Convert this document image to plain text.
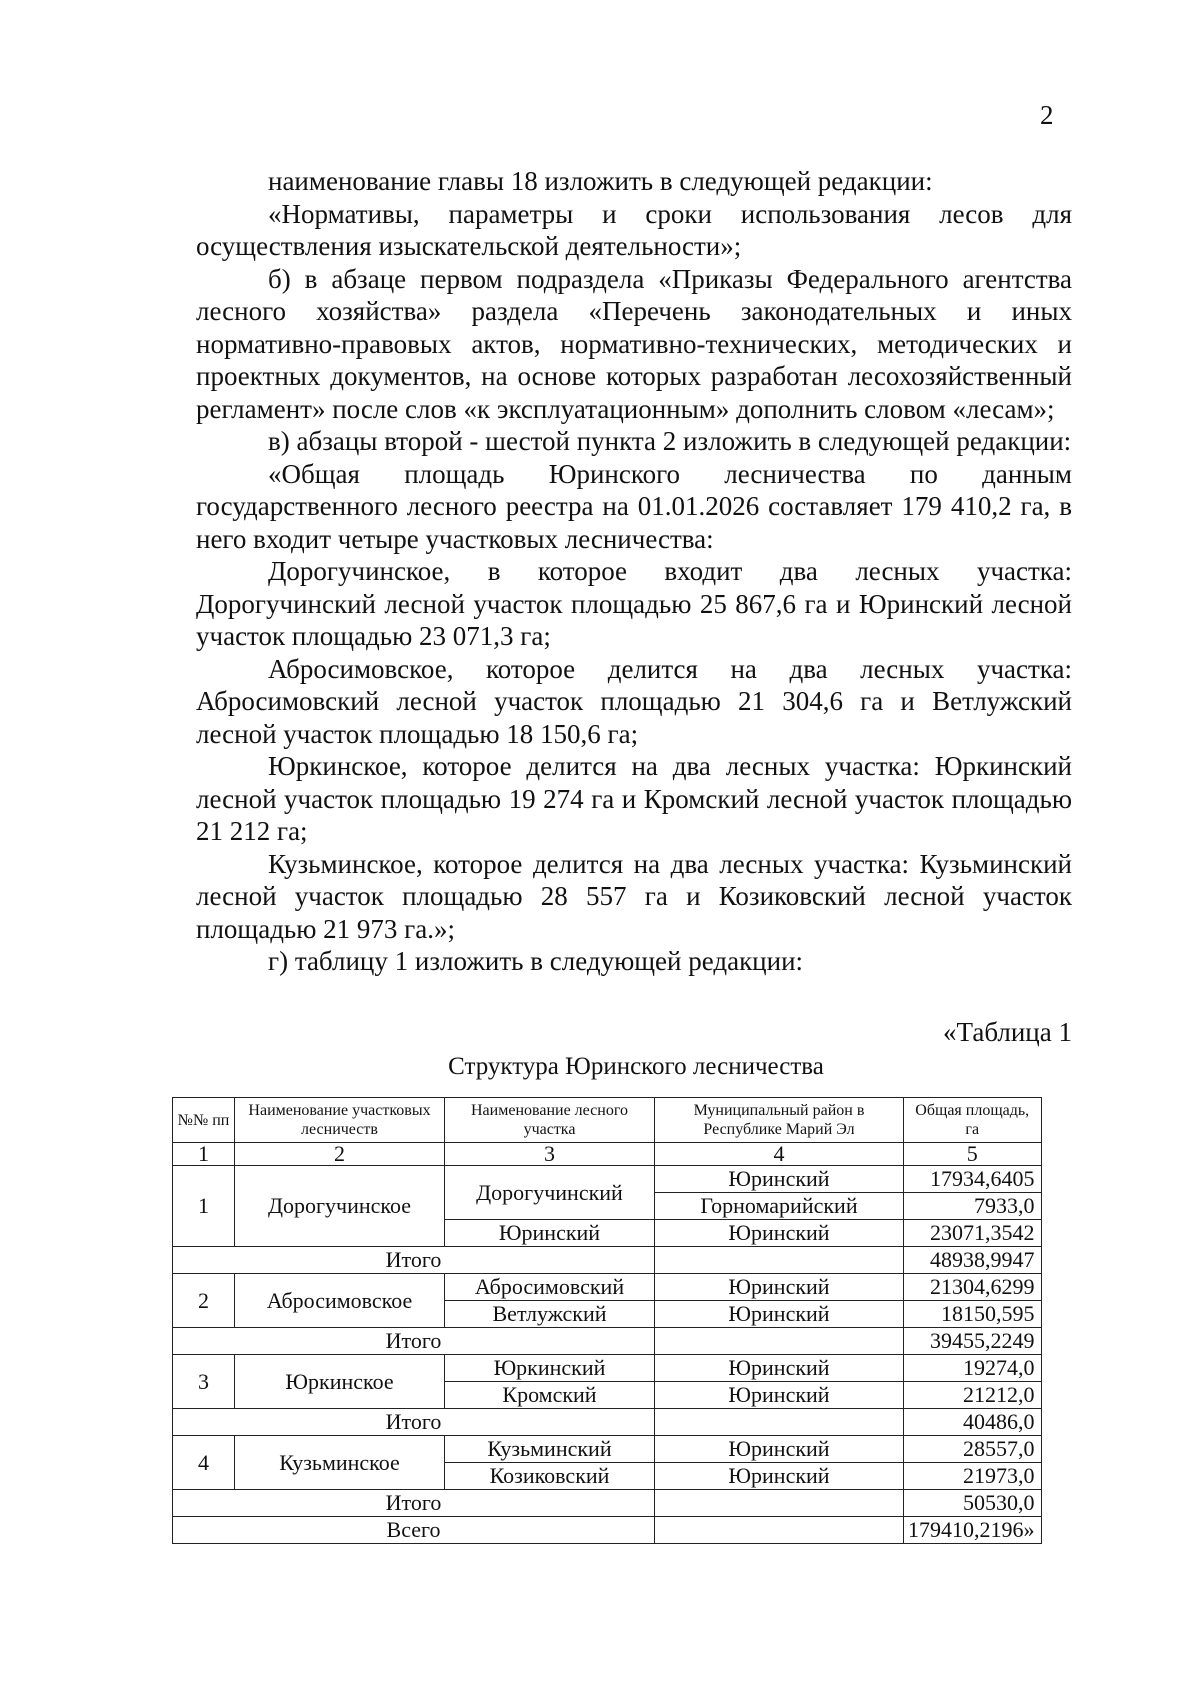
2

наименование главы 18 изложить в следующей редакции:

«Нормативы, параметры и сроки использования лесов для осуществления изыскательской деятельности»;

б) в абзаце первом подраздела «Приказы Федерального агентства лесного хозяйства» раздела «Перечень законодательных и иных нормативно-правовых актов, нормативно-технических, методических и проектных документов, на основе которых разработан лесохозяйственный регламент» после слов «к эксплуатационным» дополнить словом «лесам»;

в) абзацы второй - шестой пункта 2 изложить в следующей редакции:

«Общая площадь Юринского лесничества по данным государственного лесного реестра на 01.01.2026 составляет 179 410,2 га, в него входит четыре участковых лесничества:

Дорогучинское, в которое входит два лесных участка: Дорогучинский лесной участок площадью 25 867,6 га и Юринский лесной участок площадью 23 071,3 га;

Абросимовское, которое делится на два лесных участка: Абросимовский лесной участок площадью 21 304,6 га и Ветлужский лесной участок площадью 18 150,6 га;

Юркинское, которое делится на два лесных участка: Юркинский лесной участок площадью 19 274 га и Кромский лесной участок площадью 21 212 га;

Кузьминское, которое делится на два лесных участка: Кузьминский лесной участок площадью 28 557 га и Козиковский лесной участок площадью 21 973 га.»;

г) таблицу 1 изложить в следующей редакции:

«Таблица 1
Структура Юринского лесничества
№№ пп	Наименование участковых лесничеств	Наименование лесного участка	Муниципальный район в Республике Марий Эл	Общая площадь, га
1	2	3	4	5
1	Дорогучинское	Дорогучинский	Юринский	17934,6405
			Горномарийский	7933,0
		Юринский	Юринский	23071,3542
Итого				48938,9947
2	Абросимовское	Абросимовский	Юринский	21304,6299
		Ветлужский	Юринский	18150,595
Итого				39455,2249
3	Юркинское	Юркинский	Юринский	19274,0
		Кромский	Юринский	21212,0
Итого				40486,0
4	Кузьминское	Кузьминский	Юринский	28557,0
		Козиковский	Юринский	21973,0
Итого				50530,0
Всего				179410,2196»
